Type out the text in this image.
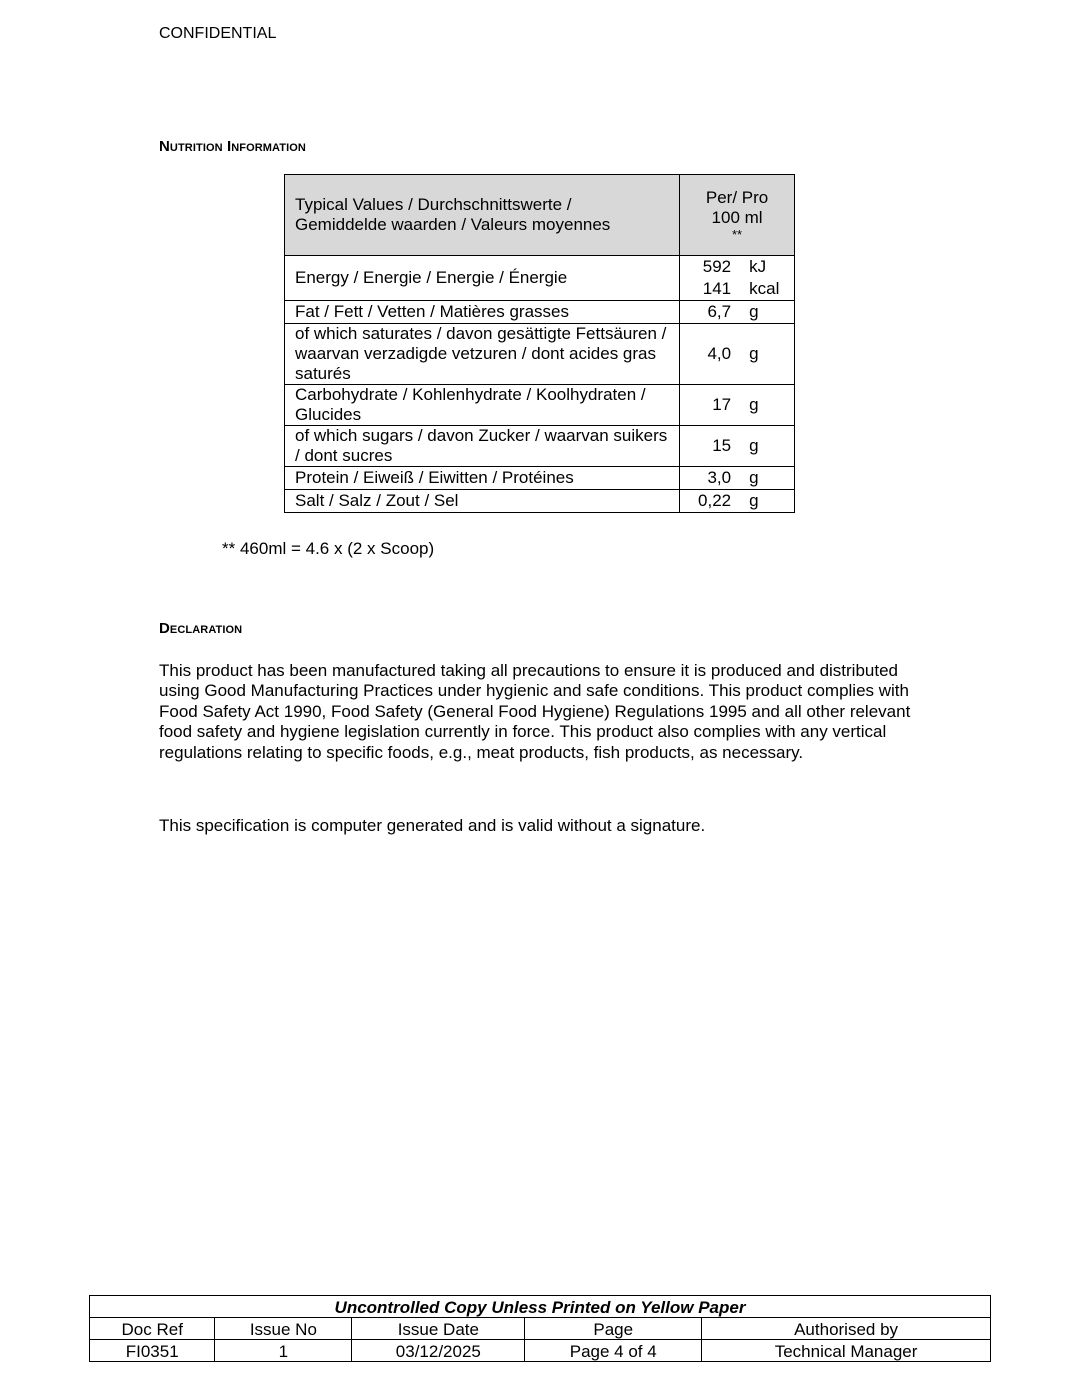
CONFIDENTIAL
Nutrition Information
Typical Values / Durchschnittswerte /
Gemiddelde waarden / Valeurs moyennes	Per/ Pro
100 ml
**

Energy / Energie / Energie / Énergie	592 kJ
141 kcal

Fat / Fett / Vetten / Matières grasses	6,7 g

of which saturates / davon gesättigte Fettsäuren / waarvan verzadigde vetzuren / dont acides gras saturés	4,0 g

Carbohydrate / Kohlenhydrate / Koolhydraten / Glucides	17 g

of which sugars / davon Zucker / waarvan suikers / dont sucres	15 g

Protein / Eiweiß / Eiwitten / Protéines	3,0 g

Salt / Salz / Zout / Sel	0,22 g
** 460ml = 4.6 x (2 x Scoop)
Declaration
This product has been manufactured taking all precautions to ensure it is produced and distributed using Good Manufacturing Practices under hygienic and safe conditions. This product complies with Food Safety Act 1990, Food Safety (General Food Hygiene) Regulations 1995 and all other relevant food safety and hygiene legislation currently in force. This product also complies with any vertical regulations relating to specific foods, e.g., meat products, fish products, as necessary.
This specification is computer generated and is valid without a signature.
Uncontrolled Copy Unless Printed on Yellow Paper				
Doc Ref	Issue No	Issue Date	Page	Authorised by
FI0351	1	03/12/2025	Page 4 of 4	Technical Manager
